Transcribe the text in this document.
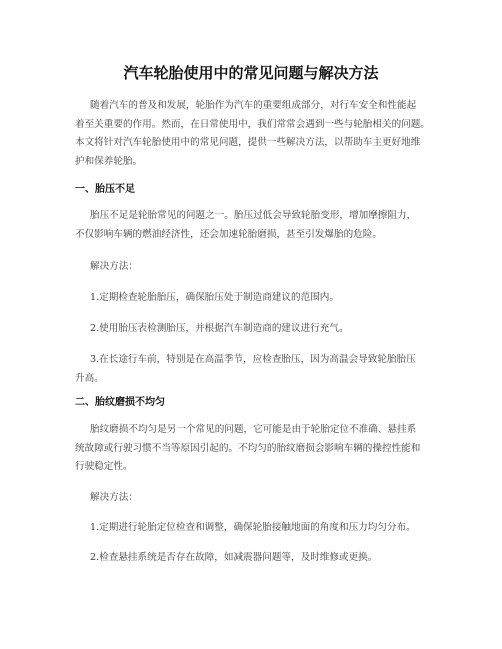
汽车轮胎使用中的常见问题与解决方法

随着汽车的普及和发展，轮胎作为汽车的重要组成部分，对行车安全和性能起
着至关重要的作用。然而，在日常使用中，我们常常会遇到一些与轮胎相关的问题。
本文将针对汽车轮胎使用中的常见问题，提供一些解决方法，以帮助车主更好地维
护和保养轮胎。

一、胎压不足

胎压不足是轮胎常见的问题之一。胎压过低会导致轮胎变形，增加摩擦阻力，
不仅影响车辆的燃油经济性，还会加速轮胎磨损，甚至引发爆胎的危险。

解决方法：

1.定期检查轮胎胎压，确保胎压处于制造商建议的范围内。

2.使用胎压表检测胎压，并根据汽车制造商的建议进行充气。

3.在长途行车前，特别是在高温季节，应检查胎压，因为高温会导致轮胎胎压
升高。

二、胎纹磨损不均匀

胎纹磨损不均匀是另一个常见的问题，它可能是由于轮胎定位不准确、悬挂系
统故障或行驶习惯不当等原因引起的。不均匀的胎纹磨损会影响车辆的操控性能和
行驶稳定性。

解决方法：

1.定期进行轮胎定位检查和调整，确保轮胎接触地面的角度和压力均匀分布。

2.检查悬挂系统是否存在故障，如减震器问题等，及时维修或更换。
